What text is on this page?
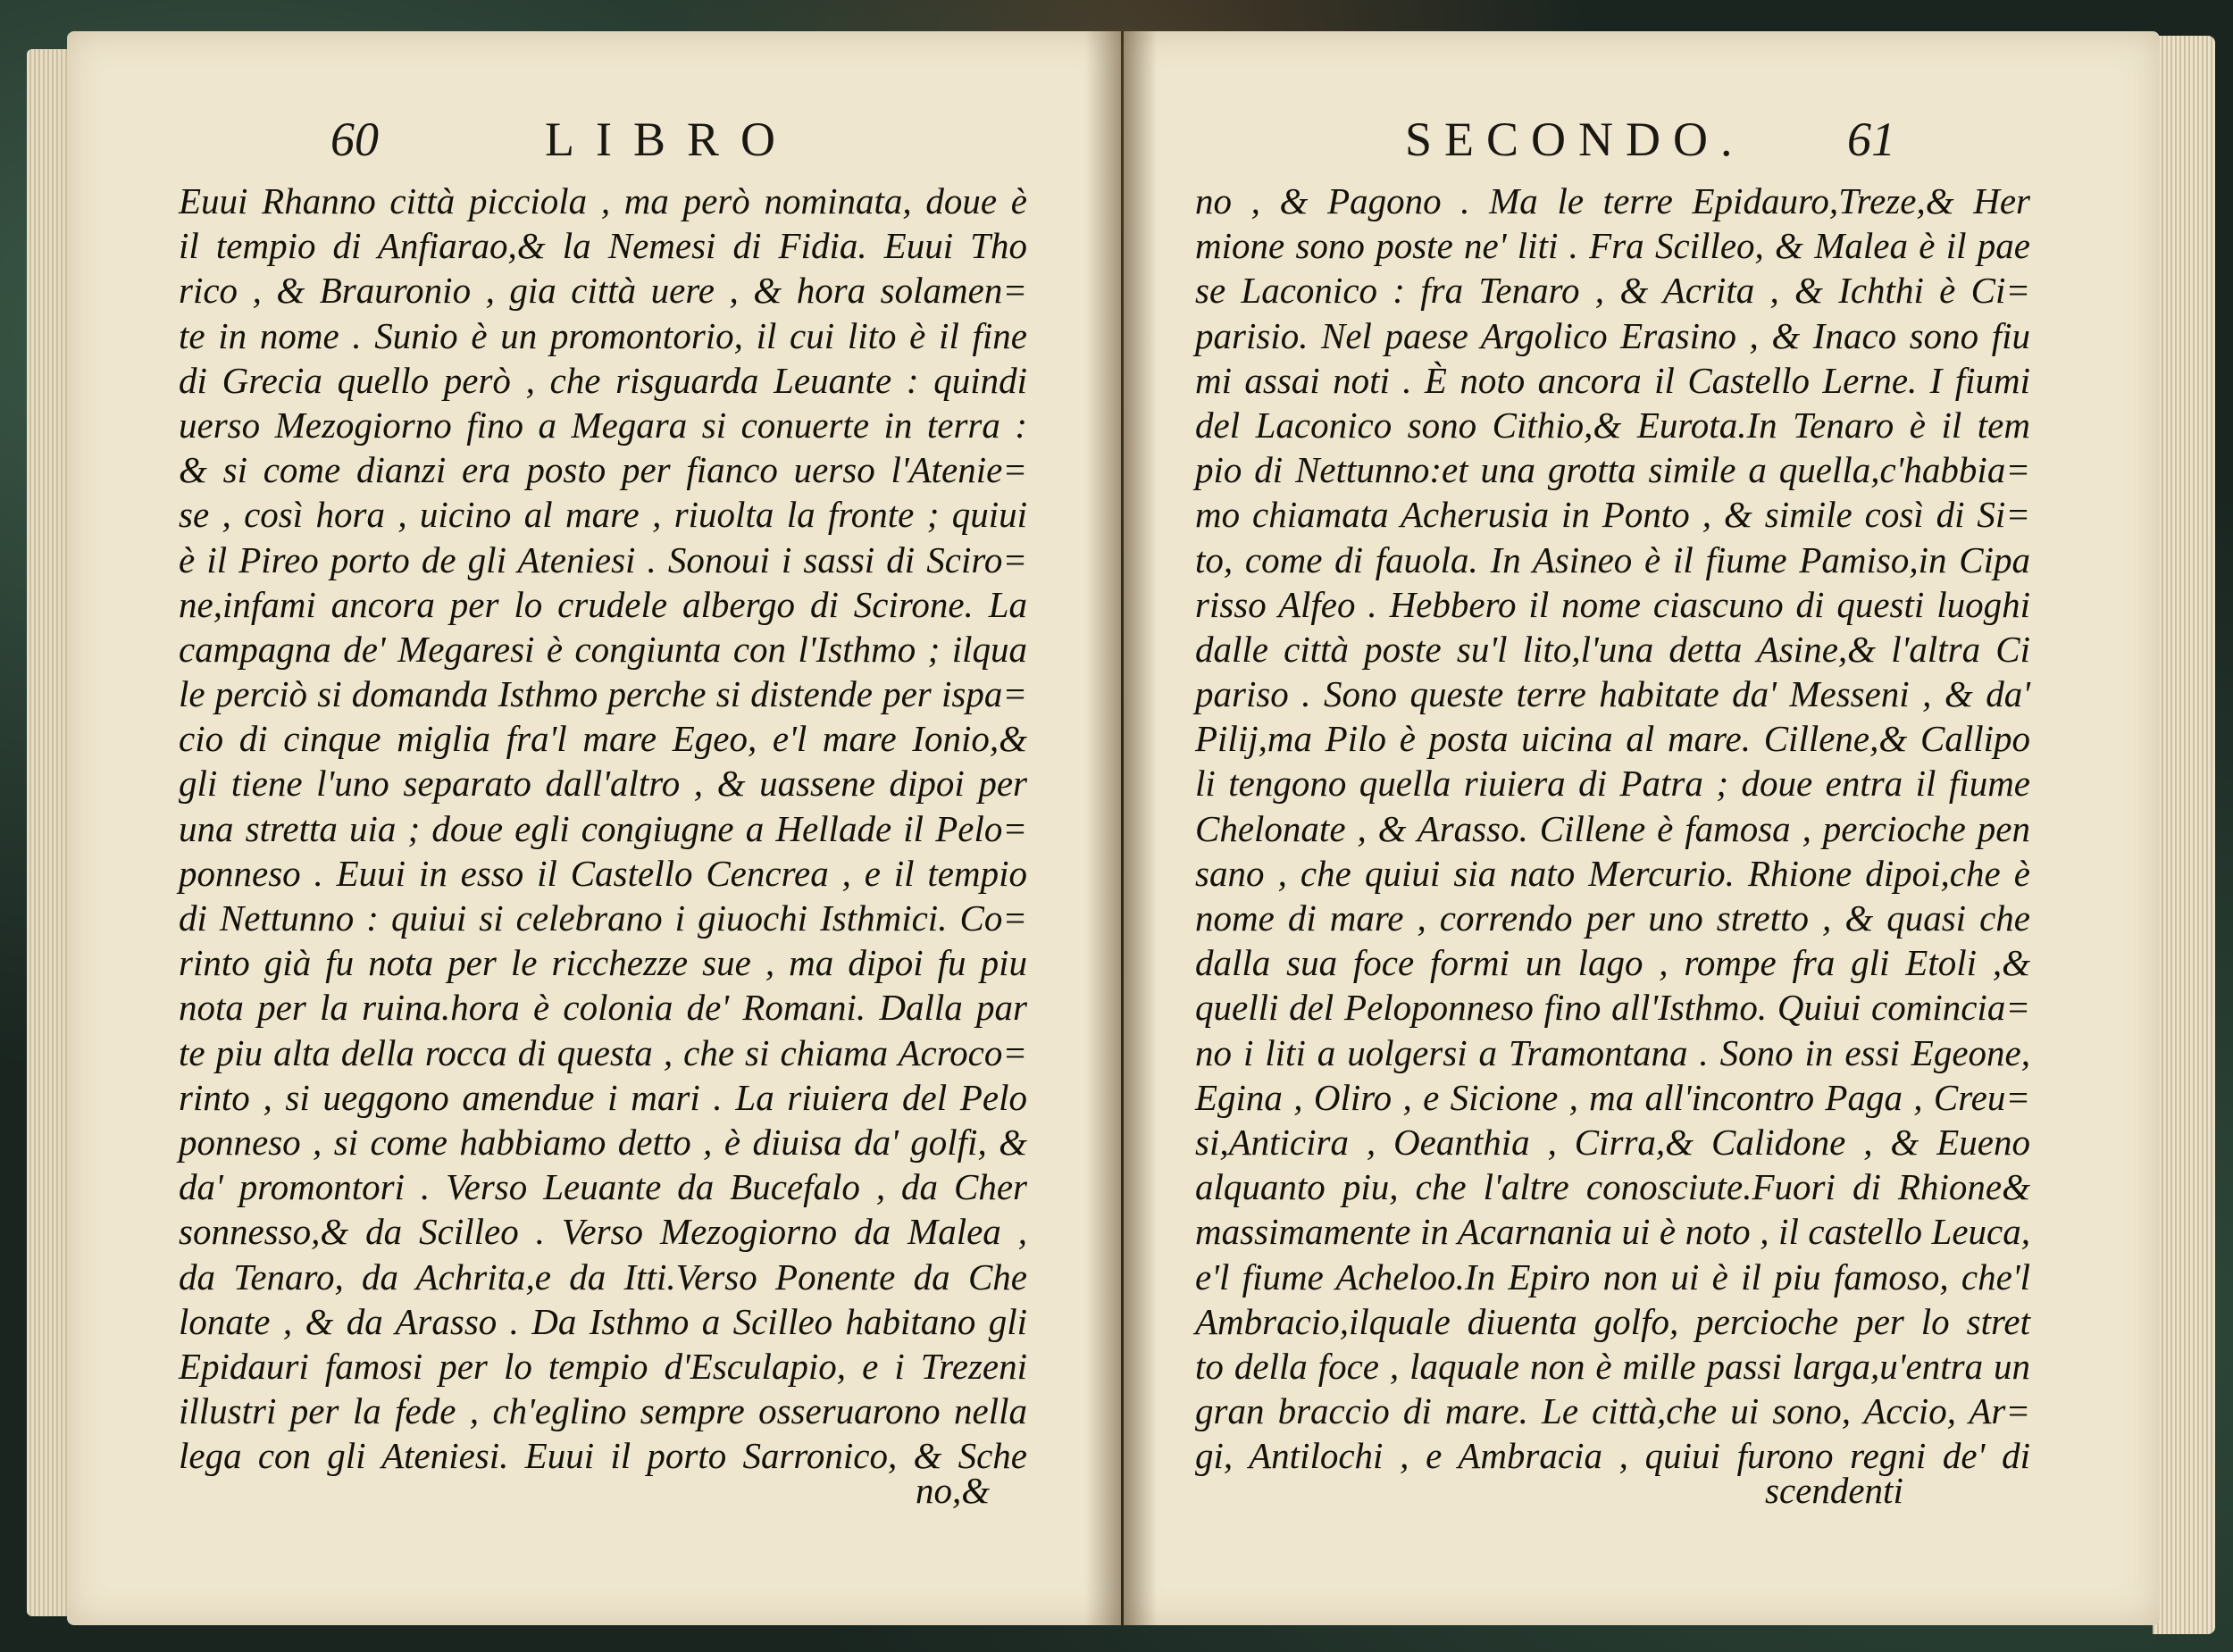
60	LIBRO
Euui Rhanno città picciola , ma però nominata, doue è
il tempio di Anfiarao,& la Nemesi di Fidia. Euui Tho
rico , & Brauronio , gia città uere , & hora solamen=
te in nome . Sunio è un promontorio, il cui lito è il fine
di Grecia quello però , che risguarda Leuante : quindi
uerso Mezogiorno fino a Megara si conuerte in terra :
& si come dianzi era posto per fianco uerso l'Atenie=
se , così hora , uicino al mare , riuolta la fronte ; quiui
è il Pireo porto de gli Ateniesi . Sonoui i sassi di Sciro=
ne,infami ancora per lo crudele albergo di Scirone. La
campagna de' Megaresi è congiunta con l'Isthmo ; ilqua
le perciò si domanda Isthmo perche si distende per ispa=
cio di cinque miglia fra'l mare Egeo, e'l mare Ionio,&
gli tiene l'uno separato dall'altro , & uassene dipoi per
una stretta uia ; doue egli congiugne a Hellade il Pelo=
ponneso . Euui in esso il Castello Cencrea , e il tempio
di Nettunno : quiui si celebrano i giuochi Isthmici. Co=
rinto già fu nota per le ricchezze sue , ma dipoi fu piu
nota per la ruina.hora è colonia de' Romani. Dalla par
te piu alta della rocca di questa , che si chiama Acroco=
rinto , si ueggono amendue i mari . La riuiera del Pelo
ponneso , si come habbiamo detto , è diuisa da' golfi, &
da' promontori . Verso Leuante da Bucefalo , da Cher
sonnesso,& da Scilleo . Verso Mezogiorno da Malea ,
da Tenaro, da Achrita,e da Itti.Verso Ponente da Che
lonate , & da Arasso . Da Isthmo a Scilleo habitano gli
Epidauri famosi per lo tempio d'Esculapio, e i Trezeni
illustri per la fede , ch'eglino sempre osseruarono nella
lega con gli Ateniesi. Euui il porto Sarronico, & Sche
no,&
SECONDO. 61
no , & Pagono . Ma le terre Epidauro,Treze,& Her
mione sono poste ne' liti . Fra Scilleo, & Malea è il pae
se Laconico : fra Tenaro , & Acrita , & Ichthi è Ci=
parisio. Nel paese Argolico Erasino , & Inaco sono fiu
mi assai noti . È noto ancora il Castello Lerne. I fiumi
del Laconico sono Cithio,& Eurota.In Tenaro è il tem
pio di Nettunno:et una grotta simile a quella,c'habbia=
mo chiamata Acherusia in Ponto , & simile così di Si=
to, come di fauola. In Asineo è il fiume Pamiso,in Cipa
risso Alfeo . Hebbero il nome ciascuno di questi luoghi
dalle città poste su'l lito,l'una detta Asine,& l'altra Ci
pariso . Sono queste terre habitate da' Messeni , & da'
Pilij,ma Pilo è posta uicina al mare. Cillene,& Callipo
li tengono quella riuiera di Patra ; doue entra il fiume
Chelonate , & Arasso. Cillene è famosa , percioche pen
sano , che quiui sia nato Mercurio. Rhione dipoi,che è
nome di mare , correndo per uno stretto , & quasi che
dalla sua foce formi un lago , rompe fra gli Etoli ,&
quelli del Peloponneso fino all'Isthmo. Quiui comincia=
no i liti a uolgersi a Tramontana . Sono in essi Egeone,
Egina , Oliro , e Sicione , ma all'incontro Paga , Creu=
si,Anticira , Oeanthia , Cirra,& Calidone , & Eueno
alquanto piu, che l'altre conosciute.Fuori di Rhione&
massimamente in Acarnania ui è noto , il castello Leuca,
e'l fiume Acheloo.In Epiro non ui è il piu famoso, che'l
Ambracio,ilquale diuenta golfo, percioche per lo stret
to della foce , laquale non è mille passi larga,u'entra un
gran braccio di mare. Le città,che ui sono, Accio, Ar=
gi, Antilochi , e Ambracia , quiui furono regni de' di
scendenti
